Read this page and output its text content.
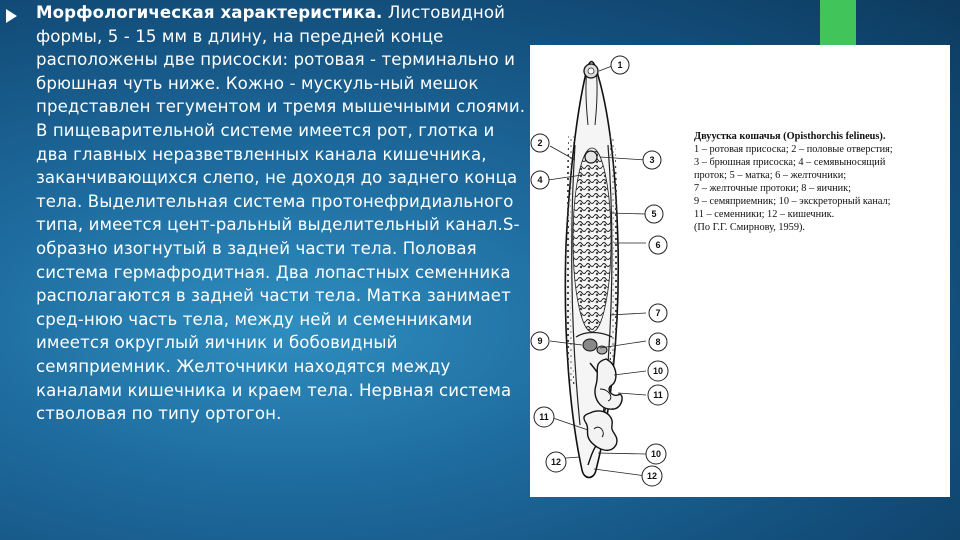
Морфологическая характеристика. Листовидной формы, 5 - 15 мм в длину, на передней конце расположены две присоски: ротовая - терминально и брюшная чуть ниже. Кожно - мускуль-ный мешок представлен тегументом и тремя мышечными слоями. В пищеварительной системе имеется рот, глотка и два главных неразветвленных канала кишечника, заканчивающихся слепо, не доходя до заднего конца тела. Выделительная система протонефридиального типа, имеется цент-ральный выделительный канал.S-образно изогнутый в задней части тела. Половая система гермафродитная. Два лопастных семенника располагаются в задней части тела. Матка занимает сред-нюю часть тела, между ней и семенниками имеется округлый яичник и бобовидный семяприемник. Желточники находятся между каналами кишечника и краем тела. Нервная система стволовая по типу ортогон.
1
2
3
4
5
6
7
8
9
10
10
11
11
12
12
Двуустка кошачья (Opisthorchis felineus).
1 – ротовая присоска; 2 – половые отверстия;
3 – брюшная присоска; 4 – семявыносящий
проток; 5 – матка; 6 – желточники;
7 – желточные протоки; 8 – яичник;
9 – семяприемник; 10 – экскреторный канал;
11 – семенники; 12 – кишечник.
(По Г.Г. Смирнову, 1959).
